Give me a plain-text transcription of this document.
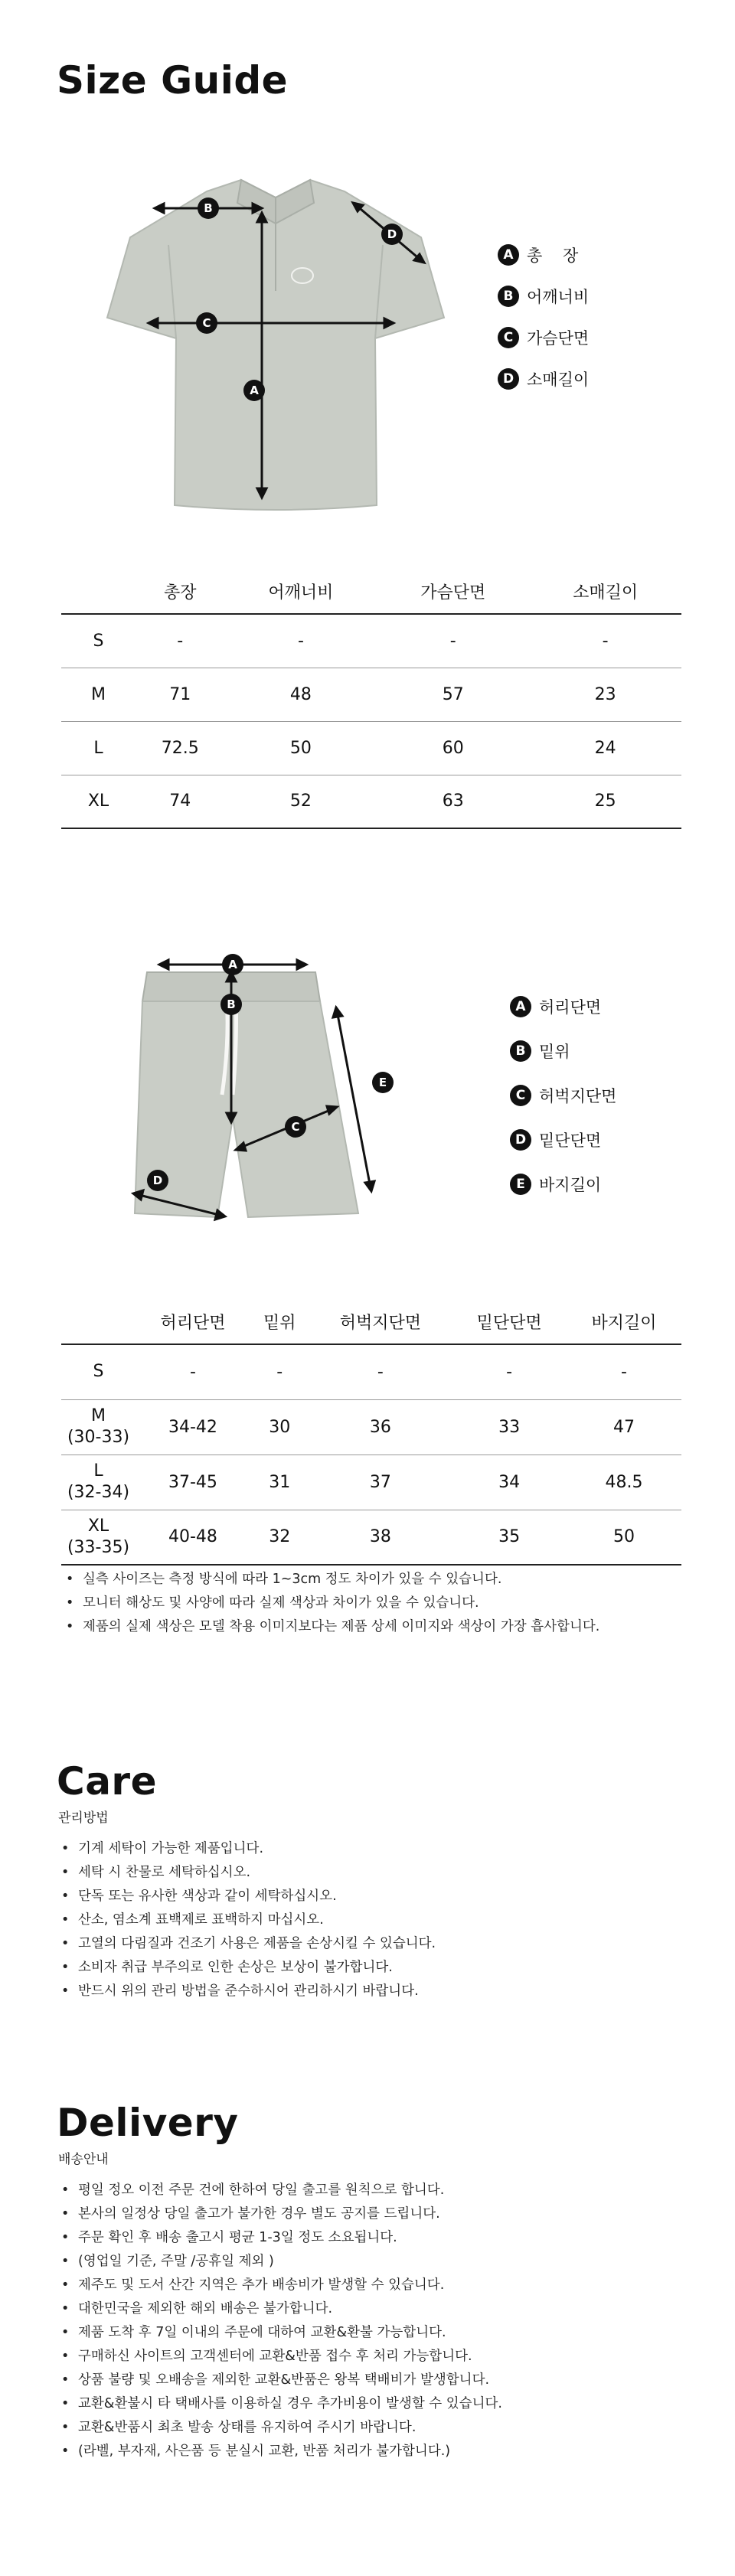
Size Guide
B
C
A
D
A 총    장
B 어깨너비
C 가슴단면
D 소매길이
	총장	어깨너비	가슴단면	소매길이
S	-	-	-	-
M	71	48	57	23
L	72.5	50	60	24
XL	74	52	63	25
A
B
C
E
D
A 허리단면
B 밑위
C 허벅지단면
D 밑단단면
E 바지길이
	허리단면	밑위	허벅지단면	밑단단면	바지길이

S	-	-	-	-	-

M
(30-33)	34-42	30	36	33	47

L
(32-34)	37-45	31	37	34	48.5

XL
(33-35)	40-48	32	38	35	50
• 실측 사이즈는 측정 방식에 따라 1~3cm 정도 차이가 있을 수 있습니다.
• 모니터 해상도 및 사양에 따라 실제 색상과 차이가 있을 수 있습니다.
• 제품의 실제 색상은 모델 착용 이미지보다는 제품 상세 이미지와 색상이 가장 흡사합니다.
Care
관리방법
• 기계 세탁이 가능한 제품입니다.
• 세탁 시 찬물로 세탁하십시오.
• 단독 또는 유사한 색상과 같이 세탁하십시오.
• 산소, 염소계 표백제로 표백하지 마십시오.
• 고열의 다림질과 건조기 사용은 제품을 손상시킬 수 있습니다.
• 소비자 취급 부주의로 인한 손상은 보상이 불가합니다.
• 반드시 위의 관리 방법을 준수하시어 관리하시기 바랍니다.
Delivery
배송안내
• 평일 정오 이전 주문 건에 한하여 당일 출고를 원칙으로 합니다.
• 본사의 일정상 당일 출고가 불가한 경우 별도 공지를 드립니다.
• 주문 확인 후 배송 출고시 평균 1-3일 정도 소요됩니다.
• (영업일 기준, 주말 /공휴일 제외 )
• 제주도 및 도서 산간 지역은 추가 배송비가 발생할 수 있습니다.
• 대한민국을 제외한 해외 배송은 불가합니다.
• 제품 도착 후 7일 이내의 주문에 대하여 교환&환불 가능합니다.
• 구매하신 사이트의 고객센터에 교환&반품 접수 후 처리 가능합니다.
• 상품 불량 및 오배송을 제외한 교환&반품은 왕복 택배비가 발생합니다.
• 교환&환불시 타 택배사를 이용하실 경우 추가비용이 발생할 수 있습니다.
• 교환&반품시 최초 발송 상태를 유지하여 주시기 바랍니다.
• (라벨, 부자재, 사은품 등 분실시 교환, 반품 처리가 불가합니다.)
